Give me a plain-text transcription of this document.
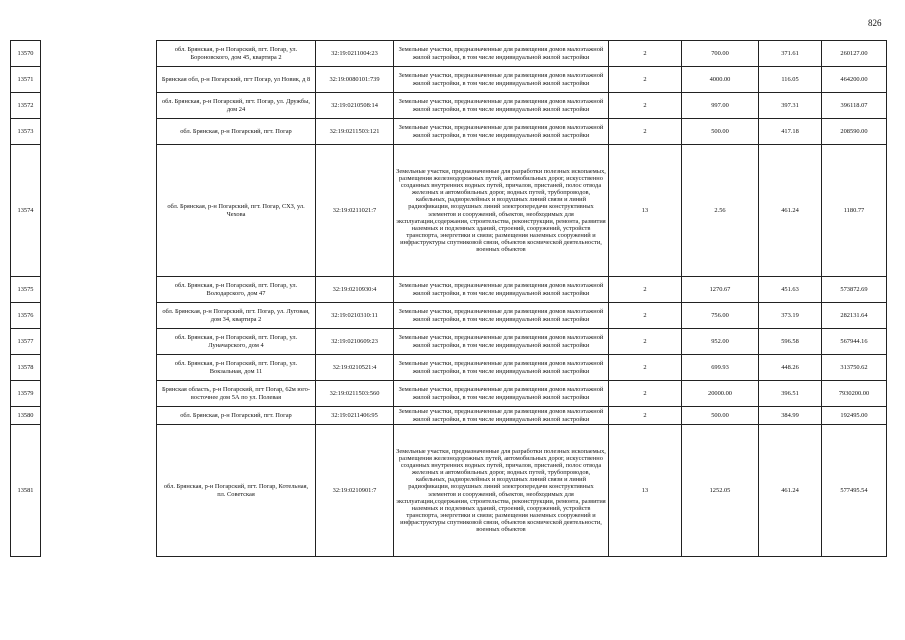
826
13570		обл. Брянская, р-н Погарский, пгт. Погар, ул. Бороновского, дом 45, квартира 2	32:19:0211004:23	Земельные участки, предназначенные для размещения домов малоэтажной жилой застройки, в том числе индивидуальной жилой застройки	2	700.00	371.61	260127.00
13571		Брянская обл, р-н Погарский, пгт Погар, ул Новик, д 8	32:19:0080101:739	Земельные участки, предназначенные для размещения домов малоэтажной жилой застройки, в том числе индивидуальной жилой застройки	2	4000.00	116.05	464200.00
13572		обл. Брянская, р-н Погарский, пгт. Погар, ул. Дружбы, дом 24	32:19:0210508:14	Земельные участки, предназначенные для размещения домов малоэтажной жилой застройки, в том числе индивидуальной жилой застройки	2	997.00	397.31	396118.07
13573		обл. Брянская, р-н Погарский, пгт. Погар	32:19:0211503:121	Земельные участки, предназначенные для размещения домов малоэтажной жилой застройки, в том числе индивидуальной жилой застройки	2	500.00	417.18	208590.00
13574		обл. Брянская, р-н Погарский, пгт. Погар, СХЗ, ул. Чехова	32:19:0211021:7	Земельные участки, предназначенные для разработки полезных ископаемых, размещения железнодорожных путей, автомобильных дорог, искусственно созданных внутренних водных путей, причалов, пристаней, полос отвода железных и автомобильных дорог, водных путей, трубопроводов, кабельных, радиорелейных и воздушных линий связи и линий радиофикации, воздушных линий электропередачи конструктивных элементов и сооружений, объектов, необходимых для эксплуатации,содержания, строительства, реконструкции, ремонта, развития наземных и подземных зданий, строений, сооружений, устройств транспорта, энергетики и связи; размещения наземных сооружений и инфраструктуры спутниковой связи, объектов космической деятельности, военных объектов	13	2.56	461.24	1180.77
13575		обл. Брянская, р-н Погарский, пгт. Погар, ул. Володарского, дом 47	32:19:0210930:4	Земельные участки, предназначенные для размещения домов малоэтажной жилой застройки, в том числе индивидуальной жилой застройки	2	1270.67	451.63	573872.69
13576		обл. Брянская, р-н Погарский, пгт. Погар, ул. Луговая, дом 34, квартира 2	32:19:0210310:11	Земельные участки, предназначенные для размещения домов малоэтажной жилой застройки, в том числе индивидуальной жилой застройки	2	756.00	373.19	282131.64
13577		обл. Брянская, р-н Погарский, пгт. Погар, ул. Луначарского, дом 4	32:19:0210609:23	Земельные участки, предназначенные для размещения домов малоэтажной жилой застройки, в том числе индивидуальной жилой застройки	2	952.00	596.58	567944.16
13578		обл. Брянская, р-н Погарский, пгт. Погар, ул. Вокзальная, дом 11	32:19:0210521:4	Земельные участки, предназначенные для размещения домов малоэтажной жилой застройки, в том числе индивидуальной жилой застройки	2	699.93	448.26	313750.62
13579		Брянская область, р-н Погарский, пгт Погар, 62м юго-восточнее дом 5А по ул. Полевая	32:19:0211503:560	Земельные участки, предназначенные для размещения домов малоэтажной жилой застройки, в том числе индивидуальной жилой застройки	2	20000.00	396.51	7930200.00
13580		обл. Брянская, р-н Погарский, пгт. Погар	32:19:0211406:95	Земельные участки, предназначенные для размещения домов малоэтажной жилой застройки, в том числе индивидуальной жилой застройки	2	500.00	384.99	192495.00
13581		обл. Брянская, р-н Погарский, пгт. Погар, Котельная, пл. Советская	32:19:0210901:7	Земельные участки, предназначенные для разработки полезных ископаемых, размещения железнодорожных путей, автомобильных дорог, искусственно созданных внутренних водных путей, причалов, пристаней, полос отвода железных и автомобильных дорог, водных путей, трубопроводов, кабельных, радиорелейных и воздушных линий связи и линий радиофикации, воздушных линий электропередачи конструктивных элементов и сооружений, объектов, необходимых для эксплуатации,содержания, строительства, реконструкции, ремонта, развития наземных и подземных зданий, строений, сооружений, устройств транспорта, энергетики и связи; размещения наземных сооружений и инфраструктуры спутниковой связи, объектов космической деятельности, военных объектов	13	1252.05	461.24	577495.54
